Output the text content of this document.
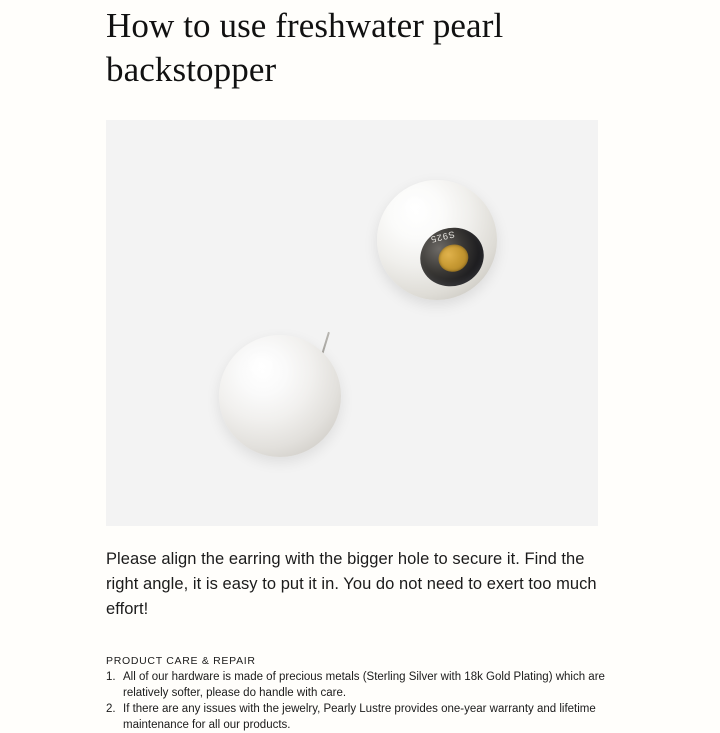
How to use freshwater pearl backstopper
S925

Please align the earring with the bigger hole to secure it. Find the right angle, it is easy to put it in. You do not need to exert too much effort!

PRODUCT CARE & REPAIR
1. All of our hardware is made of precious metals (Sterling Silver with 18k Gold Plating) which are relatively softer, please do handle with care.
2. If there are any issues with the jewelry, Pearly Lustre provides one-year warranty and lifetime maintenance for all our products.
